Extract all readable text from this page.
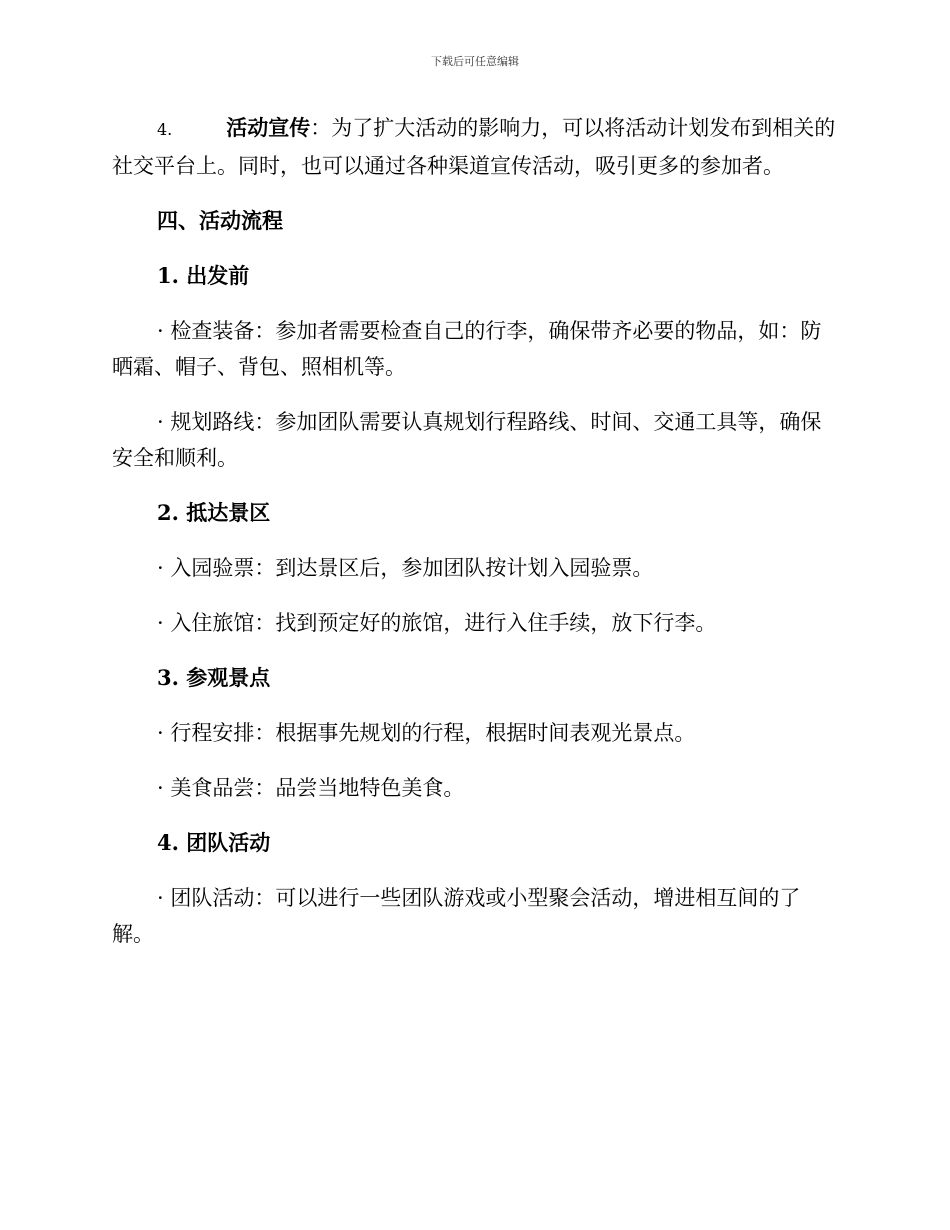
下载后可任意编辑

4.	活动宣传：为了扩大活动的影响力，可以将活动计划发布到相关的社交平台上。同时，也可以通过各种渠道宣传活动，吸引更多的参加者。

四、活动流程

1. 出发前

· 检查装备：参加者需要检查自己的行李，确保带齐必要的物品，如：防晒霜、帽子、背包、照相机等。

· 规划路线：参加团队需要认真规划行程路线、时间、交通工具等，确保安全和顺利。

2. 抵达景区

· 入园验票：到达景区后，参加团队按计划入园验票。

· 入住旅馆：找到预定好的旅馆，进行入住手续，放下行李。

3. 参观景点

· 行程安排：根据事先规划的行程，根据时间表观光景点。

· 美食品尝：品尝当地特色美食。

4. 团队活动

· 团队活动：可以进行一些团队游戏或小型聚会活动，增进相互间的了解。
